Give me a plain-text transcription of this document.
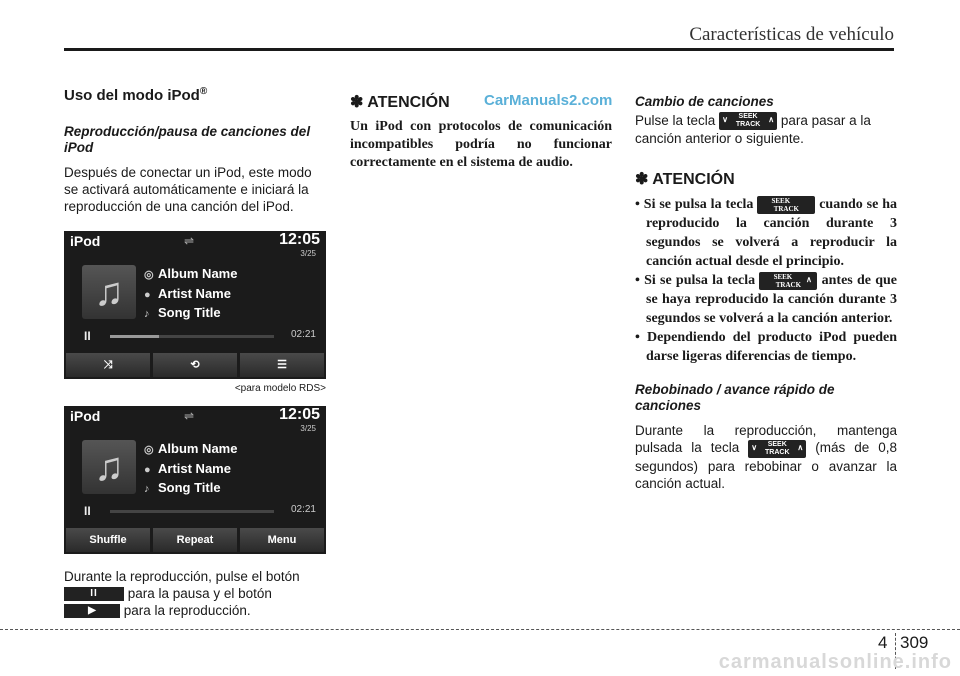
Características de vehículo
Uso del modo iPod®
Reproducción/pausa de canciones del iPod

Después de conectar un iPod, este modo se activará automáticamente e iniciará la reproducción de una canción del iPod.

iPod	⇌	12:05
3/25
♫	◎ Album Name
● Artist Name
♪ Song Title
II	02:21
⤨	⟲	☰
<para modelo RDS>
iPod	⇌	12:05
3/25
♫	◎ Album Name
● Artist Name
♪ Song Title
II	02:21
Shuffle	Repeat	Menu

Durante la reproducción, pulse el botón II para la pausa y el botón ▶ para la reproducción.

✽ ATENCIÓN

Un iPod con protocolos de comunicación incompatibles podría no funcionar correctamente en el sistema de audio.

CarManuals2.com Cambio de canciones

Pulse la tecla ∨ SEEK
TRACK
∧ para pasar a la canción anterior o siguiente.

✽ ATENCIÓN
• Si se pulsa la tecla
∨	SEEK
TRACK cuando se ha reproducido la canción durante 3 segundos se volverá a reproducir la canción actual desde el principio.
• Si se pulsa la tecla
∨	SEEK
TRACK
∧ antes de que se haya reproducido la canción durante 3 segundos se volverá a la canción anterior.
• Dependiendo del producto iPod pueden darse ligeras diferencias de tiempo.
Rebobinado / avance rápido de canciones

Durante la reproducción, mantenga pulsada la tecla ∨ SEEK
TRACK
∧ (más de 0,8 segundos) para rebobinar o avanzar la canción actual.

4 309
carmanualsonline.info
